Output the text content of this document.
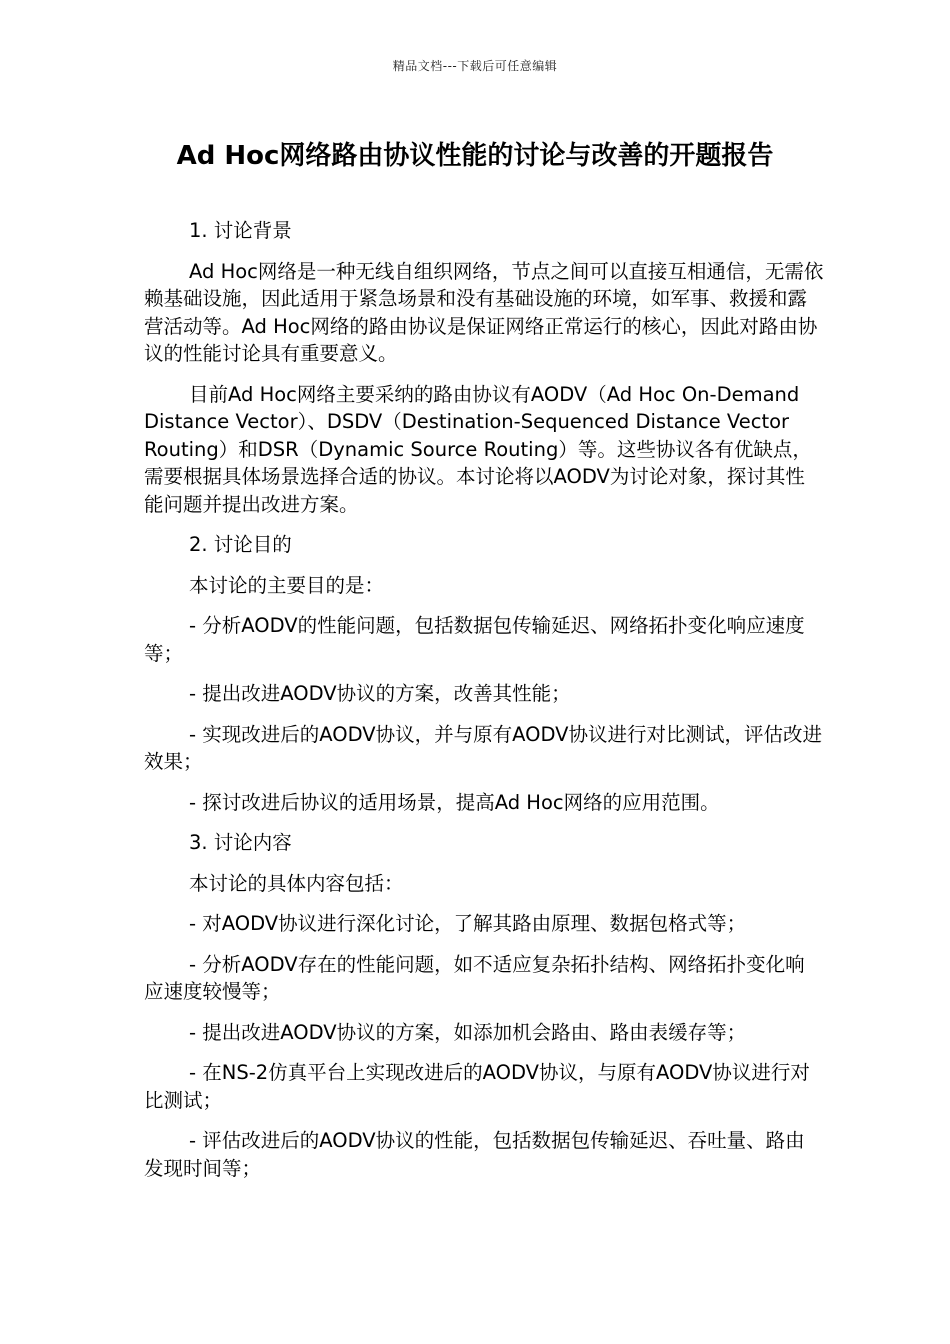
精品文档---下载后可任意编辑
Ad Hoc网络路由协议性能的讨论与改善的开题报告

1. 讨论背景

Ad Hoc网络是一种无线自组织网络，节点之间可以直接互相通信，无需依赖基础设施，因此适用于紧急场景和没有基础设施的环境，如军事、救援和露营活动等。Ad Hoc网络的路由协议是保证网络正常运行的核心，因此对路由协议的性能讨论具有重要意义。

目前Ad Hoc网络主要采纳的路由协议有AODV（Ad Hoc On-Demand Distance Vector）、DSDV（Destination-Sequenced Distance Vector Routing）和DSR（Dynamic Source Routing）等。这些协议各有优缺点，需要根据具体场景选择合适的协议。本讨论将以AODV为讨论对象，探讨其性能问题并提出改进方案。

2. 讨论目的

本讨论的主要目的是：

- 分析AODV的性能问题，包括数据包传输延迟、网络拓扑变化响应速度等；

- 提出改进AODV协议的方案，改善其性能；

- 实现改进后的AODV协议，并与原有AODV协议进行对比测试，评估改进效果；

- 探讨改进后协议的适用场景，提高Ad Hoc网络的应用范围。

3. 讨论内容

本讨论的具体内容包括：

- 对AODV协议进行深化讨论，了解其路由原理、数据包格式等；

- 分析AODV存在的性能问题，如不适应复杂拓扑结构、网络拓扑变化响应速度较慢等；

- 提出改进AODV协议的方案，如添加机会路由、路由表缓存等；

- 在NS-2仿真平台上实现改进后的AODV协议，与原有AODV协议进行对比测试；

- 评估改进后的AODV协议的性能，包括数据包传输延迟、吞吐量、路由发现时间等；
